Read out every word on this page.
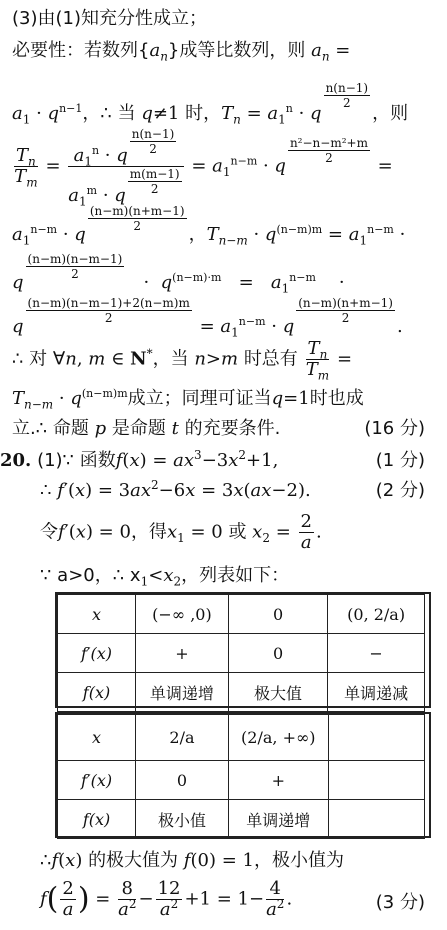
(3)由(1)知充分性成立；
必要性：若数列$\{a_n\}$成等比数列，则 $a_n$ =
$a_1 \cdot q^{n-1}$，∴ 当 q≠1 时，$T_n = a_1^n \cdot q$
$\frac{n(n-1)}{2}$
，则
$\frac{T_n}{T_m} = a_1^n \cdot q$
$\frac{n(n-1)}{2}$
$a_1^m \cdot q$
$\frac{m(m-1)}{2} = a_1^{n-m} \cdot q$
$\frac{\text{n²−n−m²+m}}{2}$
=
$a_1^{n-m} \cdot q$
$\frac{(n-m)(n+m-1)}{2}$
，$T_{n-m} \cdot q^{(n-m)m} = a_1^{n-m}$ ·
q
$\frac{(n-m)(n-m-1)}{2}$
·  $q^{(n-m)\cdot m} = a_1^{n-m}$    ·
q
$\frac{(n-m)(n-m-1)+2(n-m)m}{2}$
= $a_1^{n-m} \cdot q$
$\frac{(n-m)(n+m-1)}{2}$
.
∴ 对 ∀n, m ∈ N*，当 n>m 时总有 $\frac{T_n}{T_m}$ =
$T_{n-m} \cdot q^{(n-m)m}$成立；同理可证当q=1时也成
立.∴ 命题 p 是命题 t 的充要条件.	(16 分)
20. (1)∵ 函数$f(x) = ax^3-3x^2+1$,	(1 分)
∴ $f'(x) = 3ax^2-6x = 3x(ax-2)$.	(2 分)
令f′(x) = 0，得$x_1 = 0$ 或 $x_2 = \frac{2}{a}$ .
∵ a>0，∴ $x_1<x_2$，列表如下：
x	(−∞ ,0)	0	(0, 2/a)
f′(x)	+	0	−
f(x)	单调递增	极大值	单调递减
x	2/a	(2/a, +∞)	
f′(x)	0	+	
f(x)	极小值	单调递增	
∴f(x) 的极大值为 f(0) = 1，极小值为
$f( \frac{2}{a}$ ) = $\frac{8}{a^2} - \frac{12}{a^2} +1 = 1- \frac{4}{a^2}$ .	(3 分)
